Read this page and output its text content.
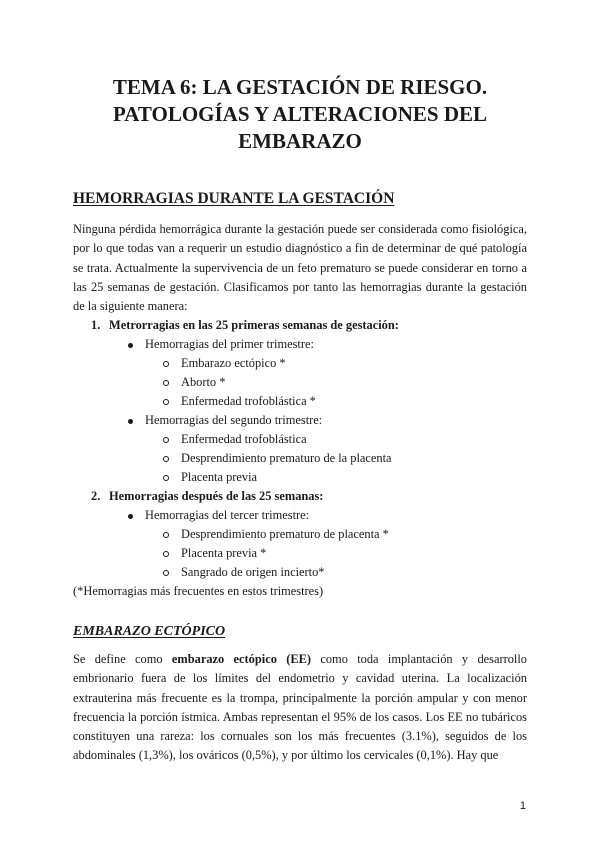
TEMA 6: LA GESTACIÓN DE RIESGO.
PATOLOGÍAS Y ALTERACIONES DEL
EMBARAZO
HEMORRAGIAS DURANTE LA GESTACIÓN

Ninguna pérdida hemorrágica durante la gestación puede ser considerada como fisiológica, por lo que todas van a requerir un estudio diagnóstico a fin de determinar de qué patología se trata. Actualmente la supervivencia de un feto prematuro se puede considerar en torno a las 25 semanas de gestación. Clasificamos por tanto las hemorragias durante la gestación de la siguiente manera:

1. Metrorragias en las 25 primeras semanas de gestación:
Hemorragias del primer trimestre:
Embarazo ectópico *
Aborto *
Enfermedad trofoblástica *
Hemorragias del segundo trimestre:
Enfermedad trofoblástica
Desprendimiento prematuro de la placenta
Placenta previa
2. Hemorragias después de las 25 semanas:
Hemorragias del tercer trimestre:
Desprendimiento prematuro de placenta *
Placenta previa *
Sangrado de origen incierto*
(*Hemorragias más frecuentes en estos trimestres)
EMBARAZO ECTÓPICO

Se define como embarazo ectópico (EE) como toda implantación y desarrollo embrionario fuera de los límites del endometrio y cavidad uterina. La localización extrauterina más frecuente es la trompa, principalmente la porción ampular y con menor frecuencia la porción ístmica. Ambas representan el 95% de los casos. Los EE no tubáricos constituyen una rareza: los cornuales son los más frecuentes (3.1%), seguidos de los abdominales (1,3%), los ováricos (0,5%), y por último los cervicales (0,1%). Hay que

1
